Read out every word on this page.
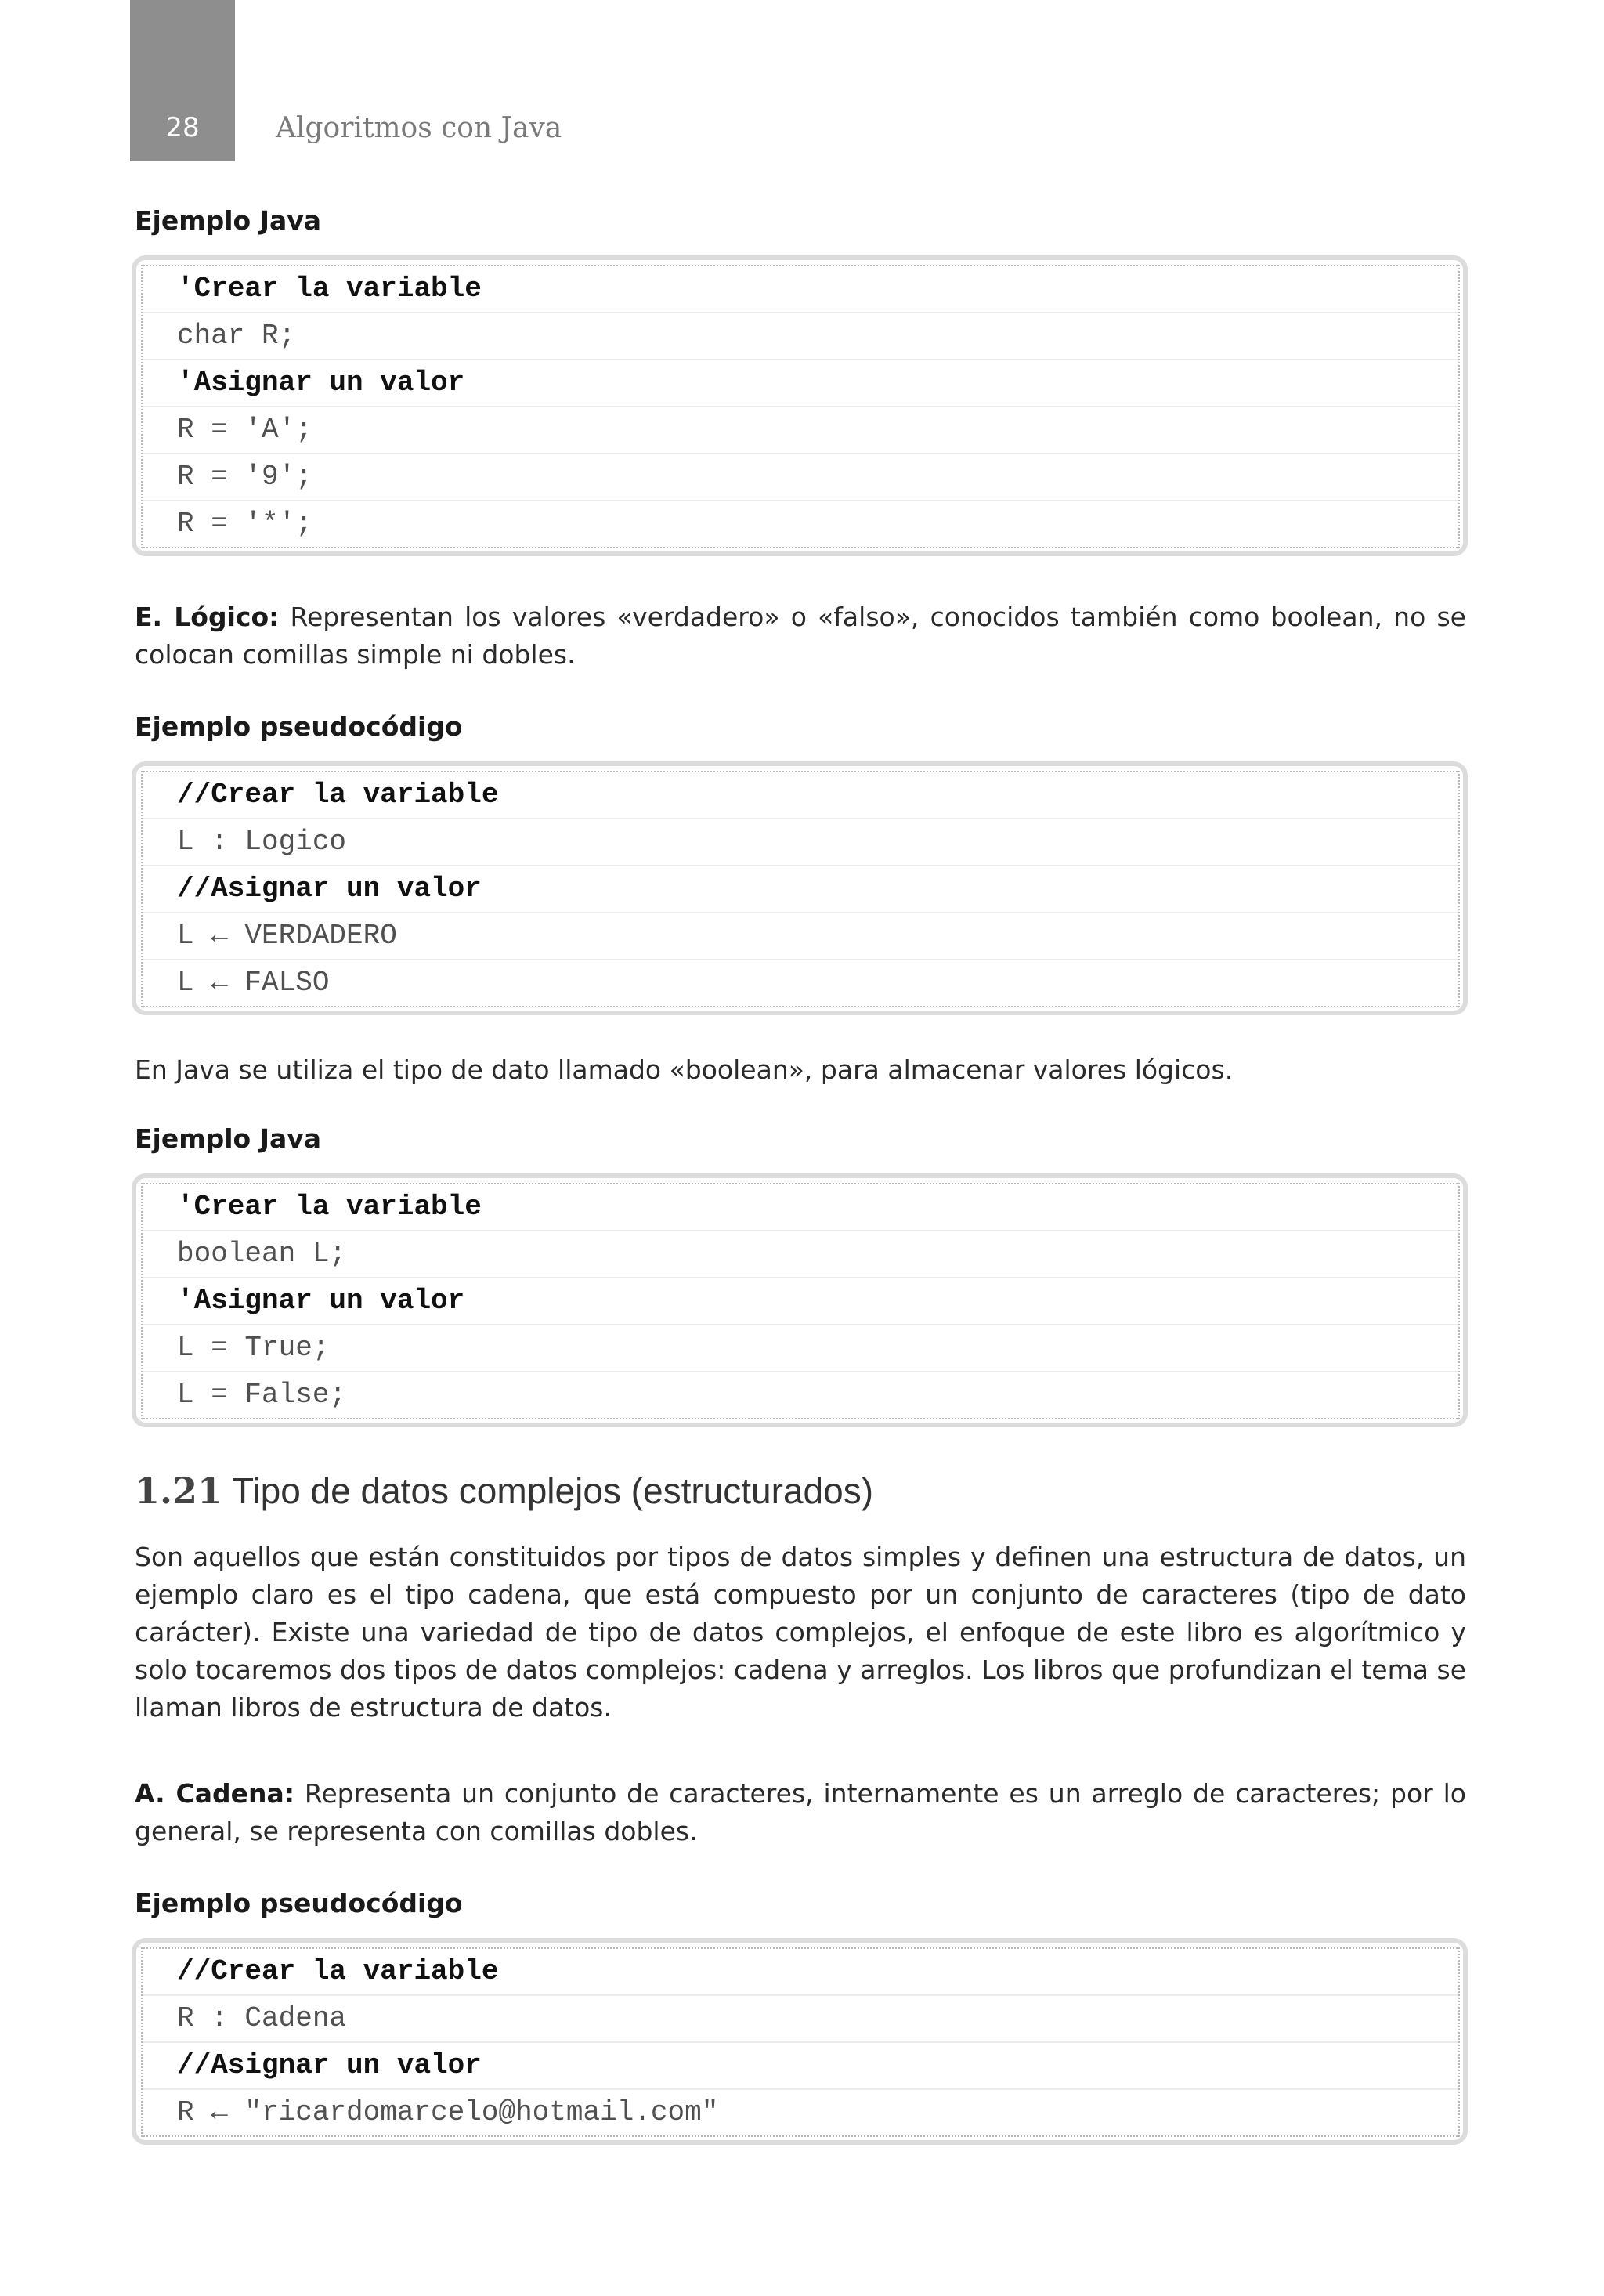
28	Algoritmos con Java
Ejemplo Java
'Crear la variable
char R;
'Asignar un valor
R = 'A';
R = '9';
R = '*';

E. Lógico: Representan los valores «verdadero» o «falso», conocidos también como boolean, no se colocan comillas simple ni dobles.

Ejemplo pseudocódigo
//Crear la variable
L : Logico
//Asignar un valor
L ← VERDADERO
L ← FALSO

En Java se utiliza el tipo de dato llamado «boolean», para almacenar valores lógicos.

Ejemplo Java
'Crear la variable
boolean L;
'Asignar un valor
L = True;
L = False;
1.21 Tipo de datos complejos (estructurados)

Son aquellos que están constituidos por tipos de datos simples y definen una estructura de datos, un ejemplo claro es el tipo cadena, que está compuesto por un conjunto de caracteres (tipo de dato carácter). Existe una variedad de tipo de datos complejos, el enfoque de este libro es algorítmico y solo tocaremos dos tipos de datos complejos: cadena y arreglos. Los libros que profundizan el tema se llaman libros de estructura de datos.

A. Cadena: Representa un conjunto de caracteres, internamente es un arreglo de caracteres; por lo general, se representa con comillas dobles.

Ejemplo pseudocódigo
//Crear la variable
R : Cadena
//Asignar un valor
R ← "ricardomarcelo@hotmail.com"
